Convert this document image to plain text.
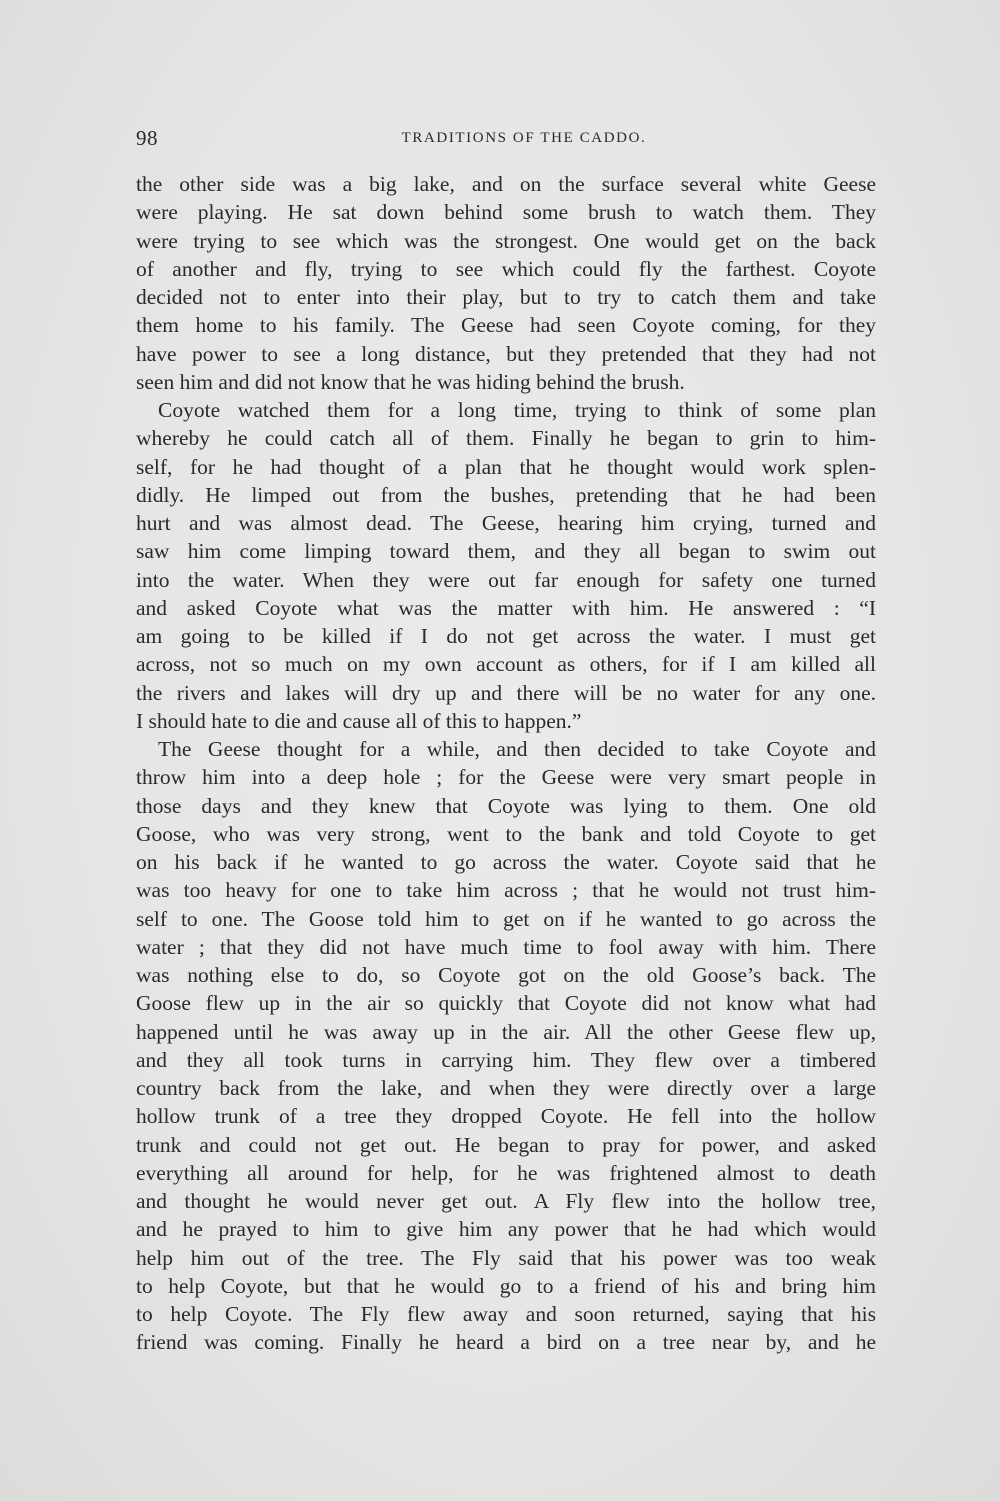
98	TRADITIONS OF THE CADDO.
the other side was a big lake, and on the surface several white Geese
were playing. He sat down behind some brush to watch them. They
were trying to see which was the strongest. One would get on the back
of another and fly, trying to see which could fly the farthest. Coyote
decided not to enter into their play, but to try to catch them and take
them home to his family. The Geese had seen Coyote coming, for they
have power to see a long distance, but they pretended that they had not
seen him and did not know that he was hiding behind the brush.
Coyote watched them for a long time, trying to think of some plan
whereby he could catch all of them. Finally he began to grin to him-
self, for he had thought of a plan that he thought would work splen-
didly. He limped out from the bushes, pretending that he had been
hurt and was almost dead. The Geese, hearing him crying, turned and
saw him come limping toward them, and they all began to swim out
into the water. When they were out far enough for safety one turned
and asked Coyote what was the matter with him. He answered : “I
am going to be killed if I do not get across the water. I must get
across, not so much on my own account as others, for if I am killed all
the rivers and lakes will dry up and there will be no water for any one.
I should hate to die and cause all of this to happen.”
The Geese thought for a while, and then decided to take Coyote and
throw him into a deep hole ; for the Geese were very smart people in
those days and they knew that Coyote was lying to them. One old
Goose, who was very strong, went to the bank and told Coyote to get
on his back if he wanted to go across the water. Coyote said that he
was too heavy for one to take him across ; that he would not trust him-
self to one. The Goose told him to get on if he wanted to go across the
water ; that they did not have much time to fool away with him. There
was nothing else to do, so Coyote got on the old Goose’s back. The
Goose flew up in the air so quickly that Coyote did not know what had
happened until he was away up in the air. All the other Geese flew up,
and they all took turns in carrying him. They flew over a timbered
country back from the lake, and when they were directly over a large
hollow trunk of a tree they dropped Coyote. He fell into the hollow
trunk and could not get out. He began to pray for power, and asked
everything all around for help, for he was frightened almost to death
and thought he would never get out. A Fly flew into the hollow tree,
and he prayed to him to give him any power that he had which would
help him out of the tree. The Fly said that his power was too weak
to help Coyote, but that he would go to a friend of his and bring him
to help Coyote. The Fly flew away and soon returned, saying that his
friend was coming. Finally he heard a bird on a tree near by, and he
